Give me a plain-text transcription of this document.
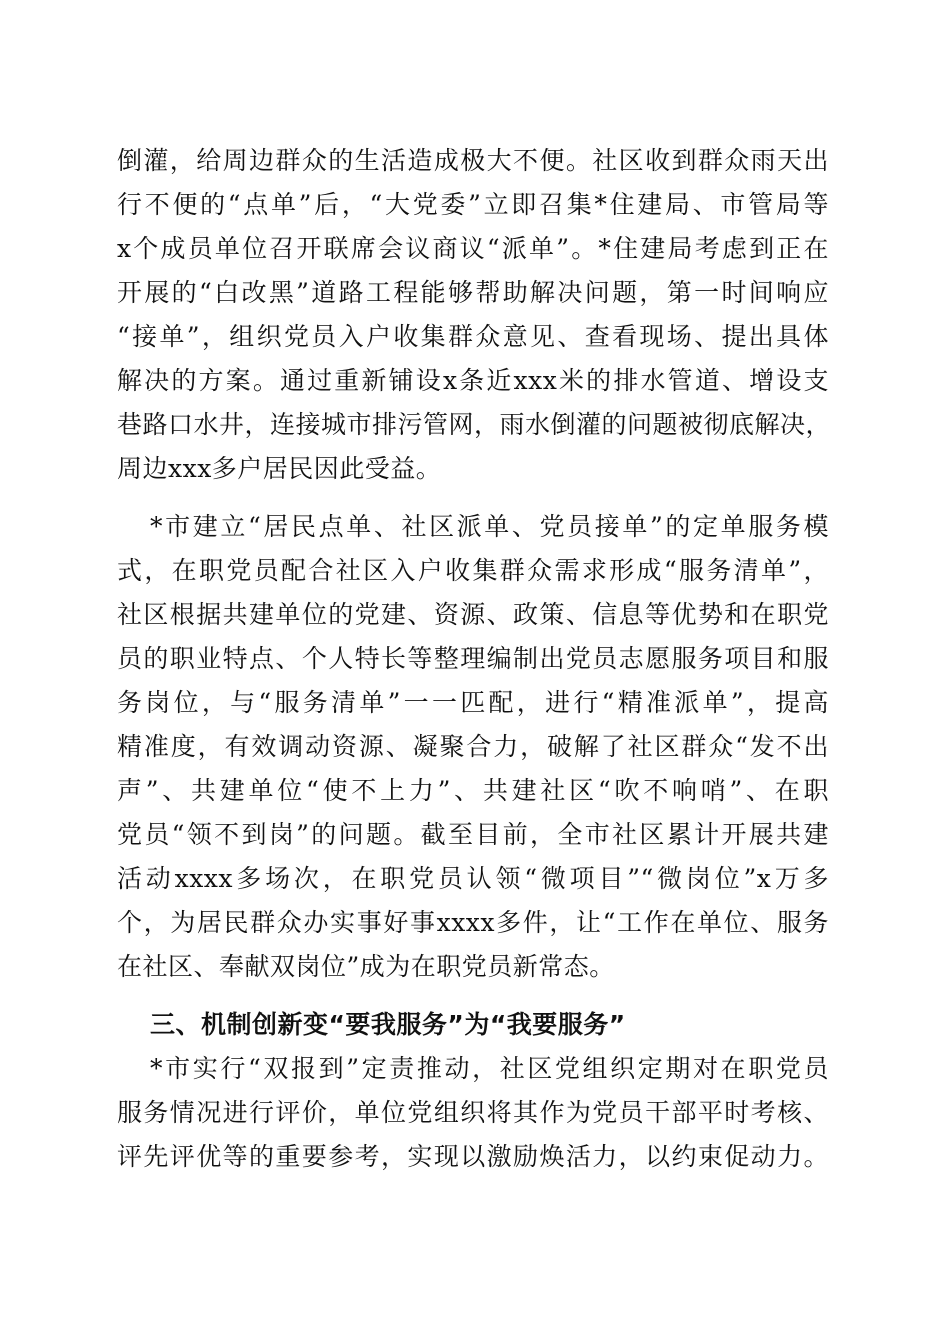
倒灌，给周边群众的生活造成极大不便。社区收到群众雨天出
行不便的“点单”后，“大党委”立即召集*住建局、市管局等
x个成员单位召开联席会议商议“派单”。*住建局考虑到正在
开展的“白改黑”道路工程能够帮助解决问题，第一时间响应
“接单”，组织党员入户收集群众意见、查看现场、提出具体
解决的方案。通过重新铺设x条近xxx米的排水管道、增设支
巷路口水井，连接城市排污管网，雨水倒灌的问题被彻底解决，
周边xxx多户居民因此受益。
*市建立“居民点单、社区派单、党员接单”的定单服务模
式，在职党员配合社区入户收集群众需求形成“服务清单”，
社区根据共建单位的党建、资源、政策、信息等优势和在职党
员的职业特点、个人特长等整理编制出党员志愿服务项目和服
务岗位，与“服务清单”一一匹配，进行“精准派单”，提高
精准度，有效调动资源、凝聚合力，破解了社区群众“发不出
声”、共建单位“使不上力”、共建社区“吹不响哨”、在职
党员“领不到岗”的问题。截至目前，全市社区累计开展共建
活动xxxx多场次，在职党员认领“微项目”“微岗位”x万多
个，为居民群众办实事好事xxxx多件，让“工作在单位、服务
在社区、奉献双岗位”成为在职党员新常态。
三、机制创新变“要我服务”为“我要服务”
*市实行“双报到”定责推动，社区党组织定期对在职党员
服务情况进行评价，单位党组织将其作为党员干部平时考核、
评先评优等的重要参考，实现以激励焕活力，以约束促动力。
